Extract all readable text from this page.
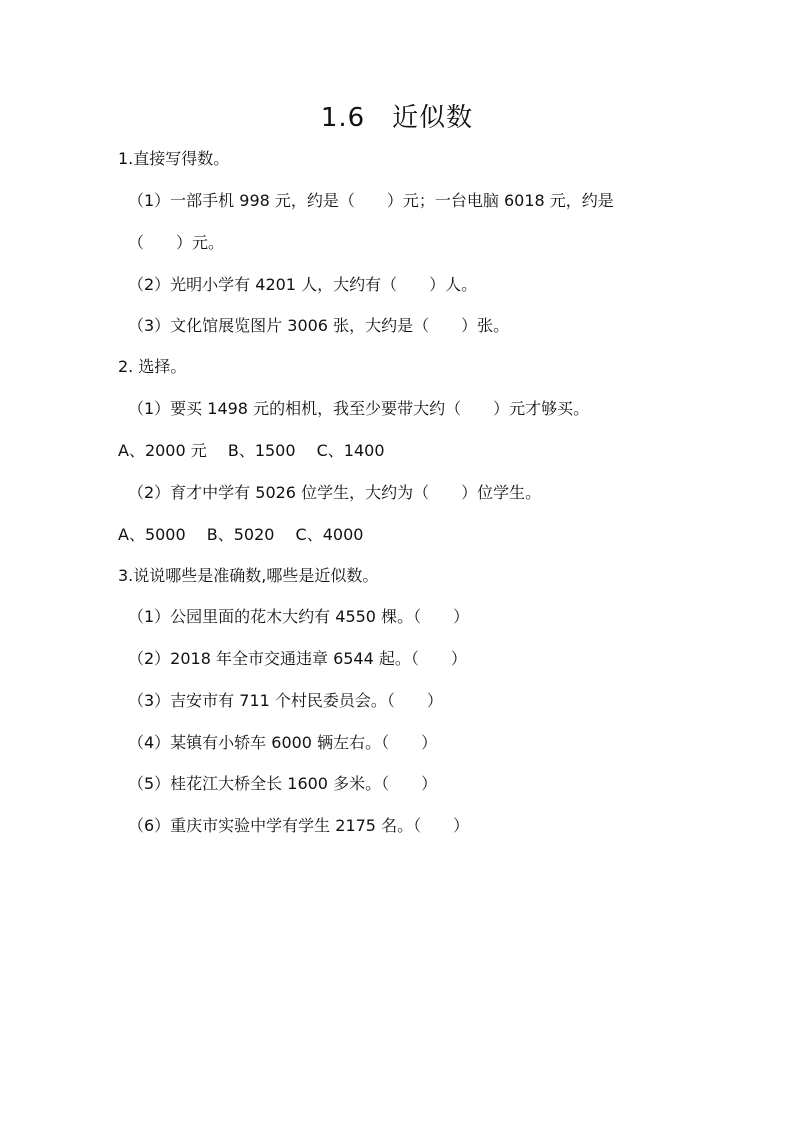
1.6　近似数
1.直接写得数。
（1）一部手机 998 元，约是（　　）元；一台电脑 6018 元，约是
（　　）元。
（2）光明小学有 4201 人，大约有（　　）人。
（3）文化馆展览图片 3006 张，大约是（　　）张。
2. 选择。
（1）要买 1498 元的相机，我至少要带大约（　　）元才够买。
A、2000 元　 B、1500　 C、1400
（2）育才中学有 5026 位学生，大约为（　　）位学生。
A、5000　 B、5020　 C、4000
3.说说哪些是准确数,哪些是近似数。
（1）公园里面的花木大约有 4550 棵。（　　）
（2）2018 年全市交通违章 6544 起。（　　）
（3）吉安市有 711 个村民委员会。（　　）
（4）某镇有小轿车 6000 辆左右。（　　）
（5）桂花江大桥全长 1600 多米。（　　）
（6）重庆市实验中学有学生 2175 名。（　　）
